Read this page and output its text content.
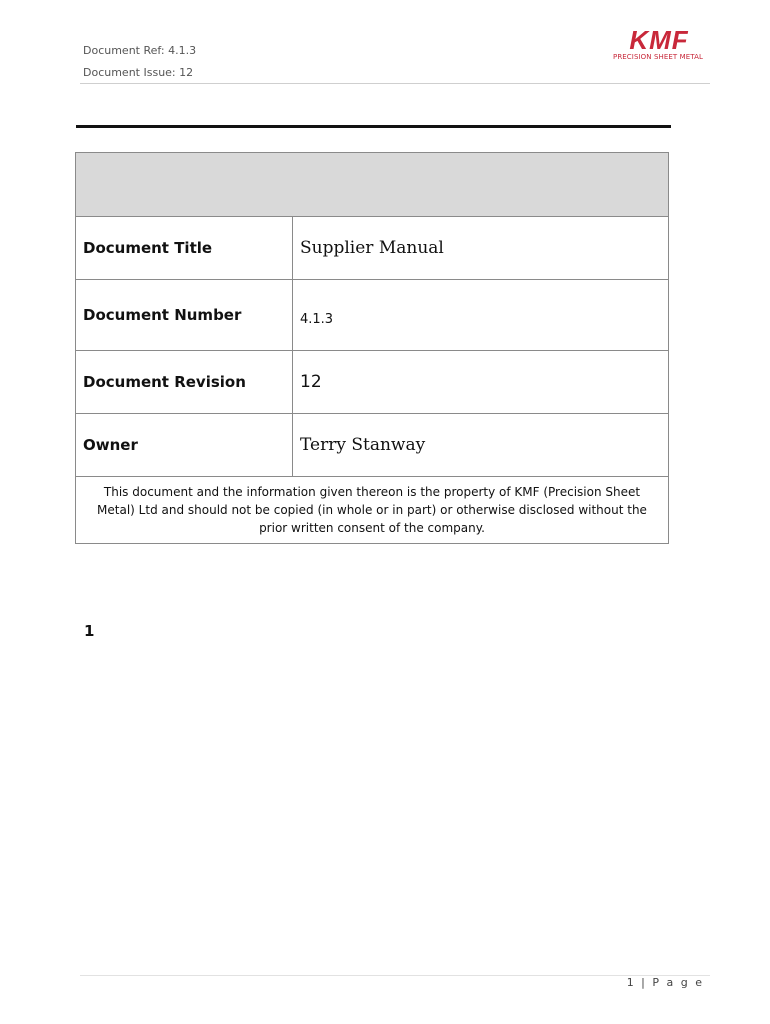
Document Ref: 4.1.3
Document Issue: 12
KMF
PRECISION SHEET METAL

Document Title	Supplier Manual
Document Number	4.1.3
Document Revision	12
Owner	Terry Stanway
This document and the information given thereon is the property of KMF (Precision Sheet Metal) Ltd and should not be copied (in whole or in part) or otherwise disclosed without the prior written consent of the company.	
1
1 | P a g e
